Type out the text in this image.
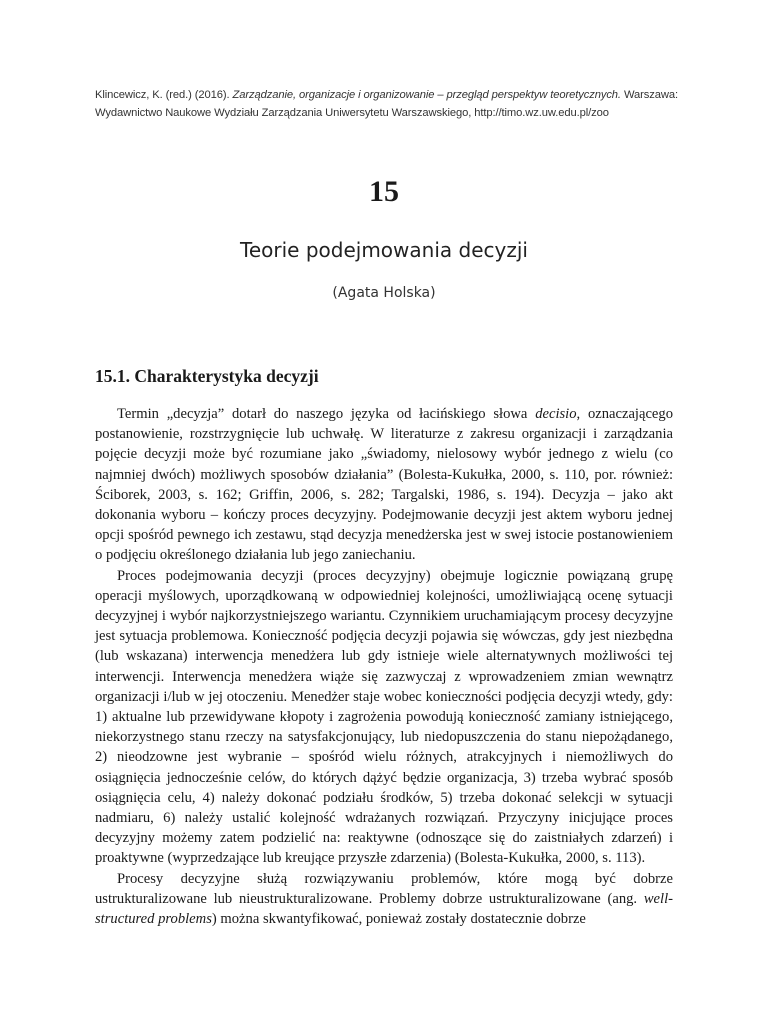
Klincewicz, K. (red.) (2016). Zarządzanie, organizacje i organizowanie – przegląd perspektyw teoretycznych. Warszawa:
Wydawnictwo Naukowe Wydziału Zarządzania Uniwersytetu Warszawskiego, http://timo.wz.uw.edu.pl/zoo
15
Teorie podejmowania decyzji
(Agata Holska)
15.1. Charakterystyka decyzji

Termin „decyzja” dotarł do naszego języka od łacińskiego słowa decisio, oznaczającego postanowienie, rozstrzygnięcie lub uchwałę. W literaturze z zakresu organizacji i zarządzania pojęcie decyzji może być rozumiane jako „świadomy, nielosowy wybór jednego z wielu (co najmniej dwóch) możliwych sposobów działania” (Bolesta-Kukułka, 2000, s. 110, por. również: Ściborek, 2003, s. 162; Griffin, 2006, s. 282; Targalski, 1986, s. 194). Decyzja – jako akt dokonania wyboru – kończy proces decyzyjny. Podejmowanie decyzji jest aktem wyboru jednej opcji spośród pewnego ich zestawu, stąd decyzja menedżerska jest w swej istocie postanowieniem o podjęciu określonego działania lub jego zaniechaniu.

Proces podejmowania decyzji (proces decyzyjny) obejmuje logicznie powiązaną grupę operacji myślowych, uporządkowaną w odpowiedniej kolejności, umożliwiającą ocenę sytuacji decyzyjnej i wybór najkorzystniejszego wariantu. Czynnikiem uruchamiającym procesy decyzyjne jest sytuacja problemowa. Konieczność podjęcia decyzji pojawia się wówczas, gdy jest niezbędna (lub wskazana) interwencja menedżera lub gdy istnieje wiele alternatywnych możliwości tej interwencji. Interwencja menedżera wiąże się zazwyczaj z wprowadzeniem zmian wewnątrz organizacji i/lub w jej otoczeniu. Menedżer staje wobec konieczności podjęcia decyzji wtedy, gdy: 1) aktualne lub przewidywane kłopoty i zagrożenia powodują konieczność zamiany istniejącego, niekorzystnego stanu rzeczy na satysfakcjonujący, lub niedopuszczenia do stanu niepożądanego, 2) nieodzowne jest wybranie – spośród wielu różnych, atrakcyjnych i niemożliwych do osiągnięcia jednocześnie celów, do których dążyć będzie organizacja, 3) trzeba wybrać sposób osiągnięcia celu, 4) należy dokonać podziału środków, 5) trzeba dokonać selekcji w sytuacji nadmiaru, 6) należy ustalić kolejność wdrażanych rozwiązań. Przyczyny inicjujące proces decyzyjny możemy zatem podzielić na: reaktywne (odnoszące się do zaistniałych zdarzeń) i proaktywne (wyprzedzające lub kreujące przyszłe zdarzenia) (Bolesta-Kukułka, 2000, s. 113).

Procesy decyzyjne służą rozwiązywaniu problemów, które mogą być dobrze ustrukturalizowane lub nieustrukturalizowane. Problemy dobrze ustrukturalizowane (ang. well-structured problems) można skwantyfikować, ponieważ zostały dostatecznie dobrze
